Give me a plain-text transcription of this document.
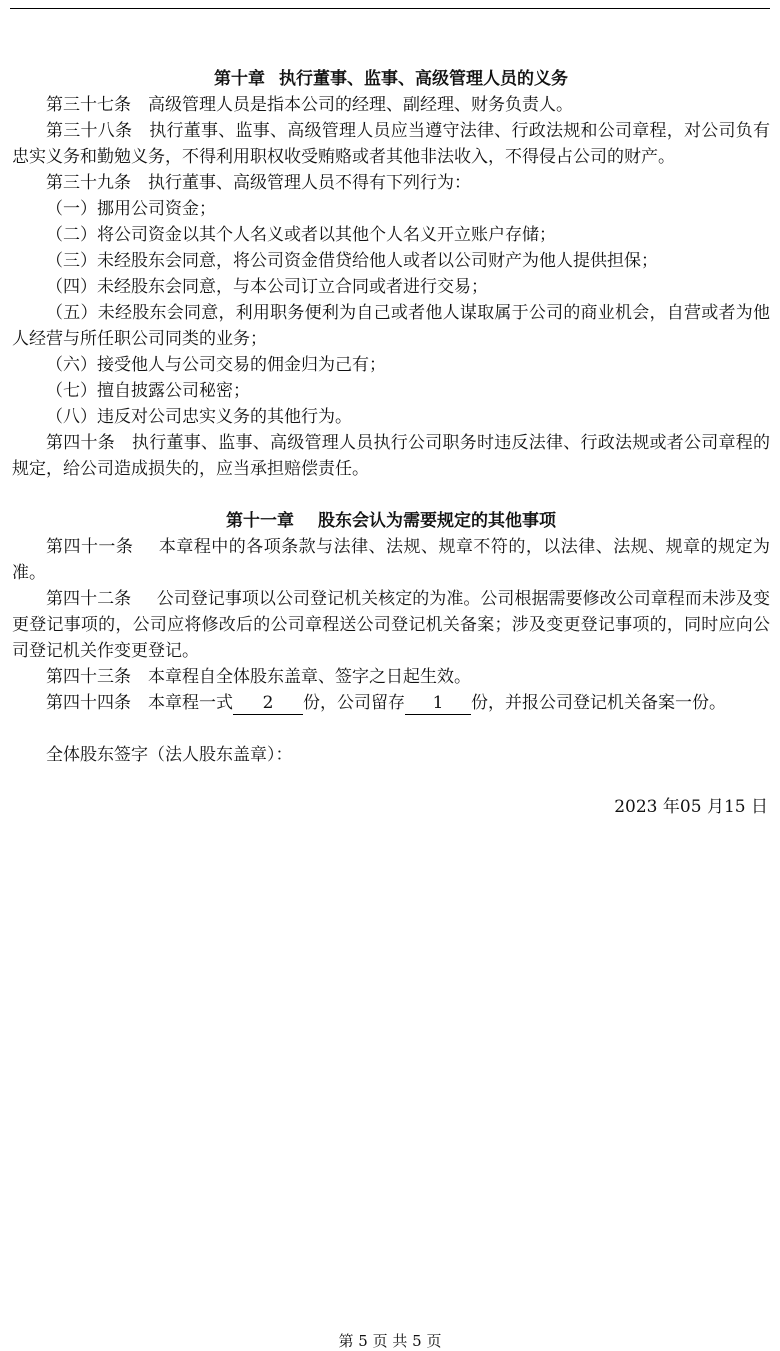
第十章 执行董事、监事、高级管理人员的义务
第三十七条 高级管理人员是指本公司的经理、副经理、财务负责人。
第三十八条 执行董事、监事、高级管理人员应当遵守法律、行政法规和公司章程，对公司负有忠实义务和勤勉义务，不得利用职权收受贿赂或者其他非法收入，不得侵占公司的财产。
第三十九条 执行董事、高级管理人员不得有下列行为：
（一）挪用公司资金；
（二）将公司资金以其个人名义或者以其他个人名义开立账户存储；
（三）未经股东会同意，将公司资金借贷给他人或者以公司财产为他人提供担保；
（四）未经股东会同意，与本公司订立合同或者进行交易；
（五）未经股东会同意，利用职务便利为自己或者他人谋取属于公司的商业机会，自营或者为他人经营与所任职公司同类的业务；
（六）接受他人与公司交易的佣金归为己有；
（七）擅自披露公司秘密；
（八）违反对公司忠实义务的其他行为。
第四十条 执行董事、监事、高级管理人员执行公司职务时违反法律、行政法规或者公司章程的规定，给公司造成损失的，应当承担赔偿责任。
第十一章 股东会认为需要规定的其他事项
第四十一条 本章程中的各项条款与法律、法规、规章不符的，以法律、法规、规章的规定为准。
第四十二条 公司登记事项以公司登记机关核定的为准。公司根据需要修改公司章程而未涉及变更登记事项的，公司应将修改后的公司章程送公司登记机关备案；涉及变更登记事项的，同时应向公司登记机关作变更登记。
第四十三条 本章程自全体股东盖章、签字之日起生效。
第四十四条 本章程一式 2 份，公司留存 1 份，并报公司登记机关备案一份。
全体股东签字（法人股东盖章）：
2023 年05 月15 日
第 5 页 共 5 页
